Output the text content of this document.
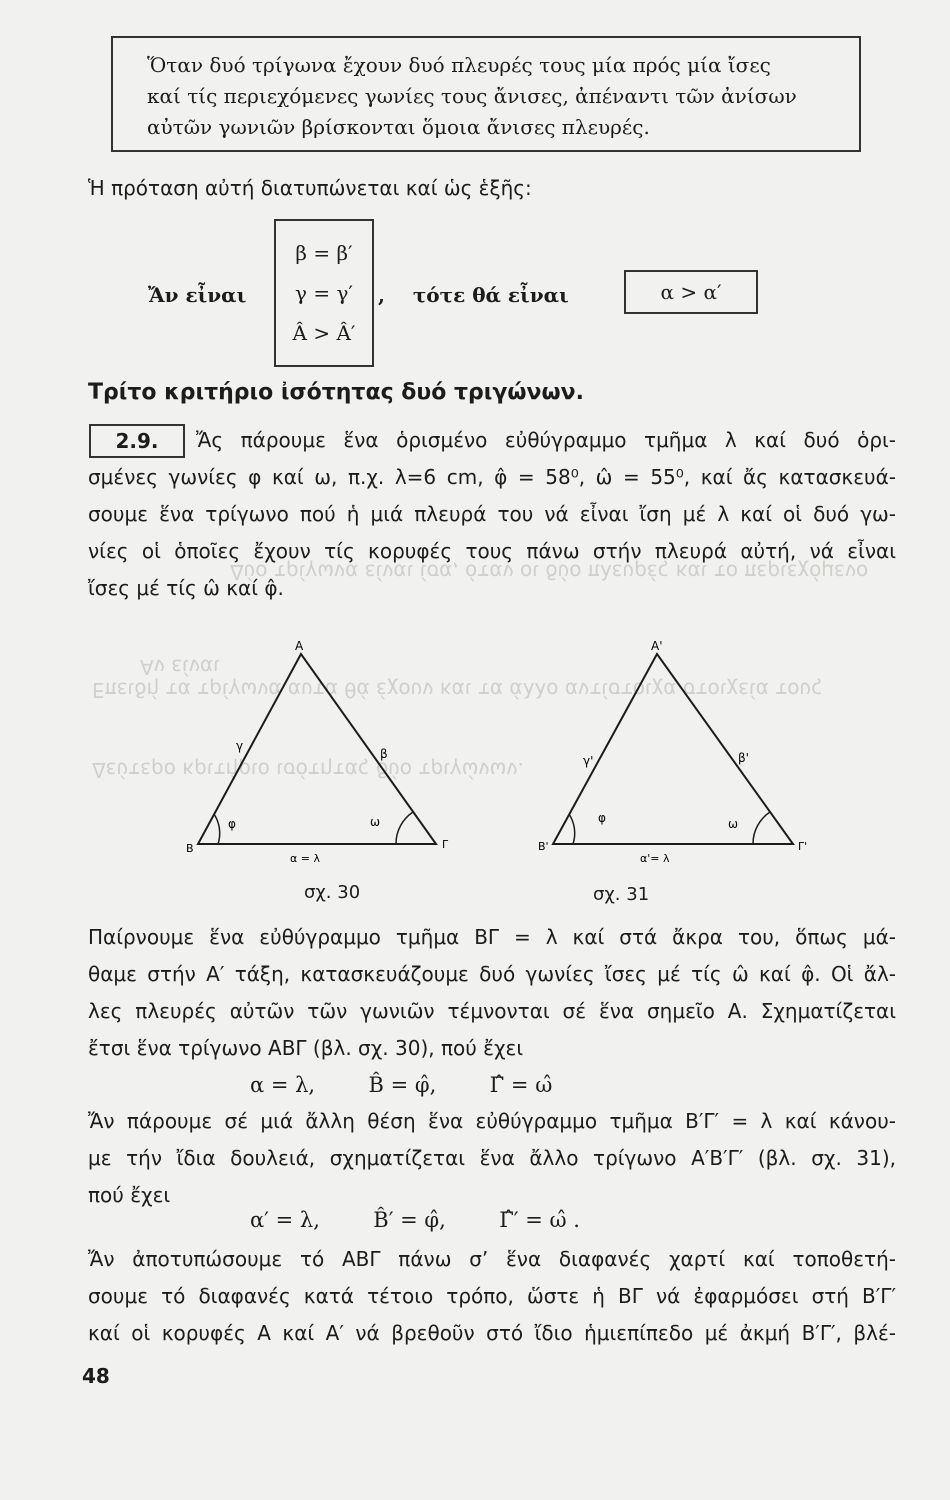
Δύο τρίγωνα είναι ίσα, όταν οι δύο πλευρές και το περιεχόμενο
Αν είναι
Επειδή τα τρίγωνα αυτά θά έχουν και τα άλλο αντίστοιχα στοιχεία τους
Δεύτερο κριτήριο ισότητας δύο τριγώνων.
Ὅταν δυό τρίγωνα ἔχουν δυό πλευρές τους μία πρός μία ἴσες
καί τίς περιεχόμενες γωνίες τους ἄνισες, ἀπέναντι τῶν ἀνίσων
αὐτῶν γωνιῶν βρίσκονται ὅμοια ἄνισες πλευρές.
Ἡ πρόταση αὐτή διατυπώνεται καί ὡς ἑξῆς:
Ἄν εἶναι
β = β′
γ = γ′
Â > Â′
,    τότε θά εἶναι	α > α′
Τρίτο κριτήριο ἰσότητας δυό τριγώνων.
2.9.	Ἄς πάρουμε ἕνα ὁρισμένο εὐθύγραμμο τμῆμα λ καί δυό ὁρι-
σμένες γωνίες φ καί ω, π.χ. λ=6 cm, φ̂ = 58⁰, ω̂ = 55⁰, καί ἄς κατασκευά-
σουμε ἕνα τρίγωνο πού ἡ μιά πλευρά του νά εἶναι ἴση μέ λ καί οἱ δυό γω-
νίες οἱ ὁποῖες ἔχουν τίς κορυφές τους πάνω στήν πλευρά αὐτή, νά εἶναι
ἴσες μέ τίς ω̂ καί φ̂.
A
B	Γ
γ
β
φ	ω
α = λ
A'
B'	Γ'
γ'	β'
φ	ω
α'= λ
σχ. 30	σχ. 31
Παίρνουμε ἕνα εὐθύγραμμο τμῆμα ΒΓ = λ καί στά ἄκρα του, ὅπως μά-
θαμε στήν Α′ τάξη, κατασκευάζουμε δυό γωνίες ἴσες μέ τίς ω̂ καί φ̂. Οἱ ἄλ-
λες πλευρές αὐτῶν τῶν γωνιῶν τέμνονται σέ ἕνα σημεῖο Α. Σχηματίζεται
ἔτσι ἕνα τρίγωνο ΑΒΓ (βλ. σχ. 30), πού ἔχει
α = λ,        B̂ = φ̂,        Γ̂ = ω̂
Ἄν πάρουμε σέ μιά ἄλλη θέση ἕνα εὐθύγραμμο τμῆμα Β′Γ′ = λ καί κάνου-
με τήν ἴδια δουλειά, σχηματίζεται ἕνα ἄλλο τρίγωνο Α′Β′Γ′ (βλ. σχ. 31),
πού ἔχει
α′ = λ,        B̂′ = φ̂,        Γ̂′ = ω̂ .
Ἄν ἀποτυπώσουμε τό ΑΒΓ πάνω σ’ ἕνα διαφανές χαρτί καί τοποθετή-
σουμε τό διαφανές κατά τέτοιο τρόπο, ὥστε ἡ ΒΓ νά ἐφαρμόσει στή Β′Γ′
καί οἱ κορυφές Α καί Α′ νά βρεθοῦν στό ἴδιο ἡμιεπίπεδο μέ ἀκμή Β′Γ′, βλέ-
48
